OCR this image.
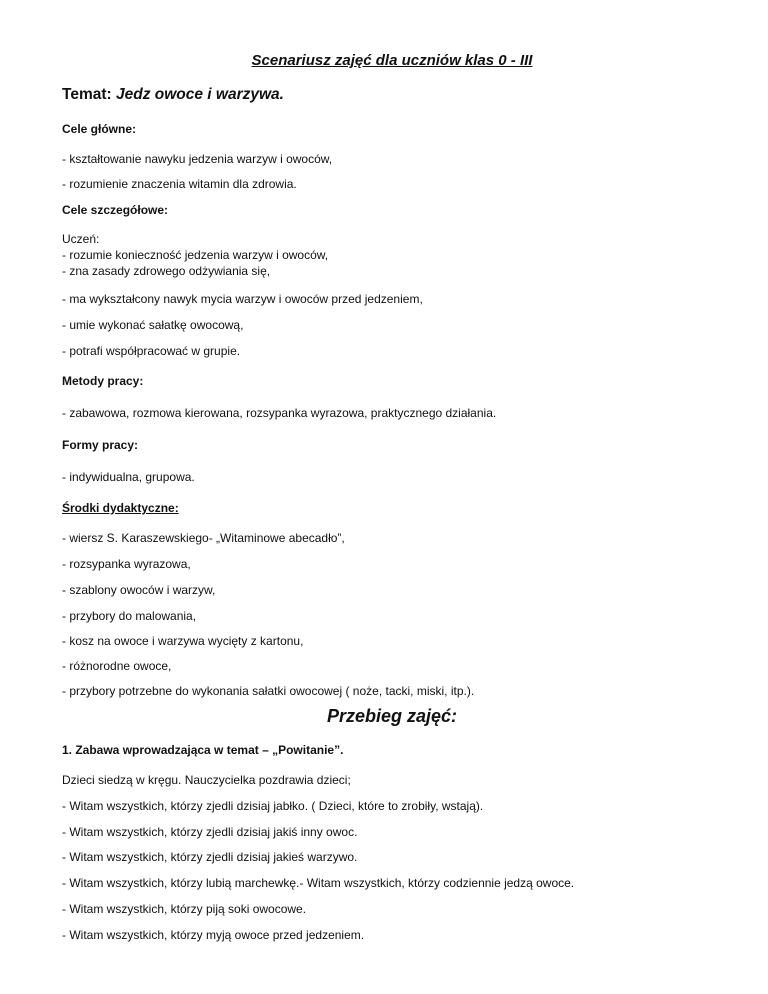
Scenariusz zajęć dla uczniów klas 0 - III
Temat: Jedz owoce i warzywa.
Cele główne:
- kształtowanie nawyku jedzenia warzyw i owoców,
- rozumienie znaczenia witamin dla zdrowia.
Cele szczegółowe:
Uczeń:
- rozumie konieczność jedzenia warzyw i owoców,
- zna zasady zdrowego odżywiania się,
- ma wykształcony nawyk mycia warzyw i owoców przed jedzeniem,
- umie wykonać sałatkę owocową,
- potrafi współpracować w grupie.
Metody pracy:
- zabawowa, rozmowa kierowana, rozsypanka wyrazowa, praktycznego działania.
Formy pracy:
- indywidualna, grupowa.
Środki dydaktyczne:
- wiersz S. Karaszewskiego- „Witaminowe abecadło”,
- rozsypanka wyrazowa,
- szablony owoców i warzyw,
- przybory do malowania,
- kosz na owoce i warzywa wycięty z kartonu,
- różnorodne owoce,
- przybory potrzebne do wykonania sałatki owocowej ( noże, tacki, miski, itp.).
Przebieg zajęć:
1. Zabawa wprowadzająca w temat – „Powitanie”.
Dzieci siedzą w kręgu. Nauczycielka pozdrawia dzieci;
- Witam wszystkich, którzy zjedli dzisiaj jabłko. ( Dzieci, które to zrobiły, wstają).
- Witam wszystkich, którzy zjedli dzisiaj jakiś inny owoc.
- Witam wszystkich, którzy zjedli dzisiaj jakieś warzywo.
- Witam wszystkich, którzy lubią marchewkę.- Witam wszystkich, którzy codziennie jedzą owoce.
- Witam wszystkich, którzy piją soki owocowe.
- Witam wszystkich, którzy myją owoce przed jedzeniem.
